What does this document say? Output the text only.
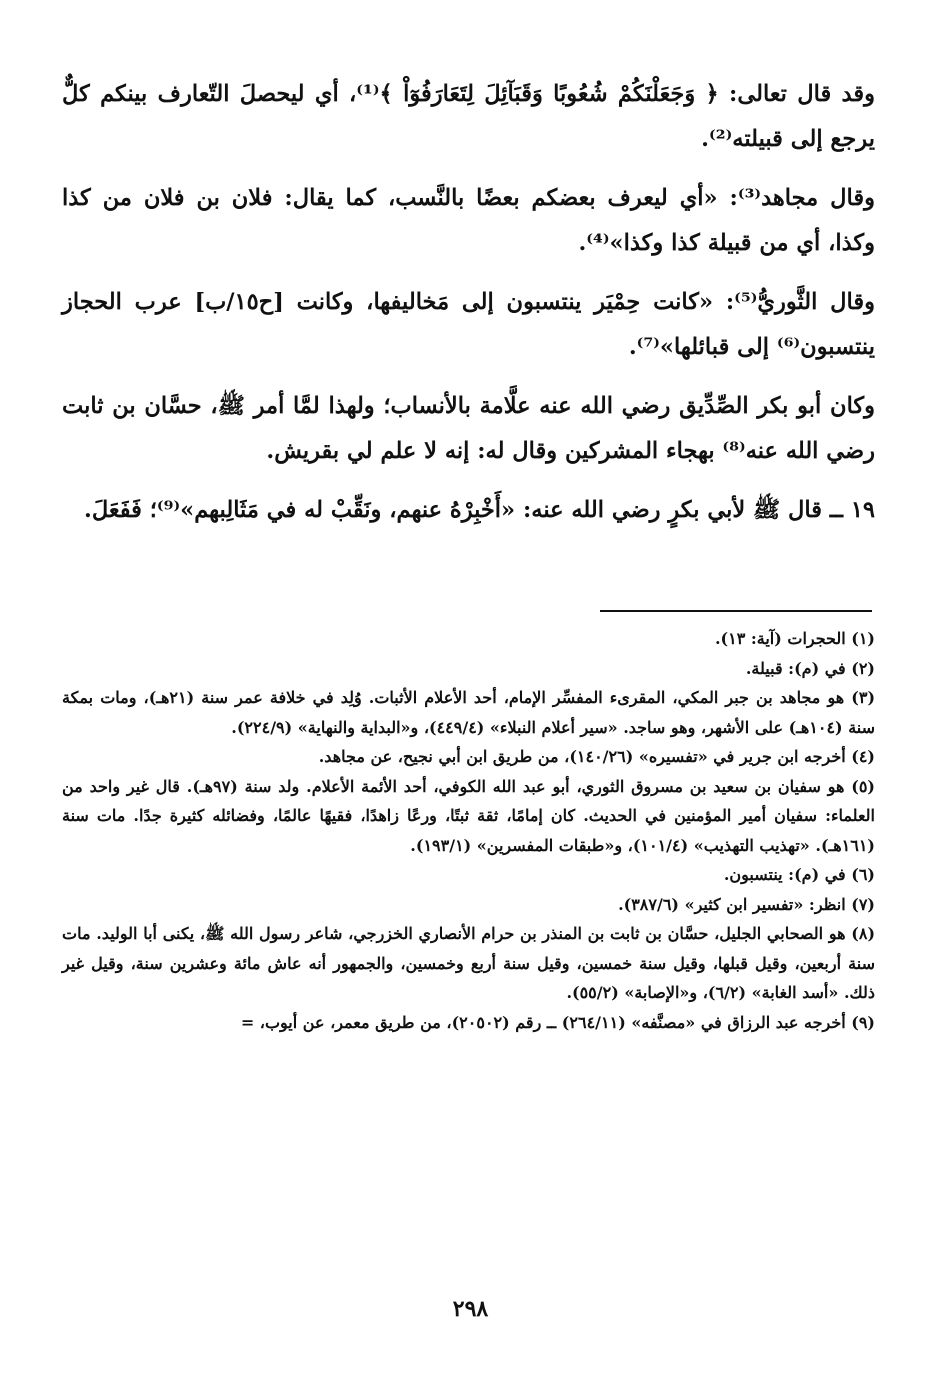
وقد قال تعالى: ﴿ وَجَعَلْنَكُمْ شُعُوبًا وَقَبَآئِلَ لِتَعَارَفُوٓاْ ﴾⁽¹⁾، أي ليحصلَ التّعارف بينكم كلٌّ يرجع إلى قبيلته⁽²⁾.

وقال مجاهد⁽³⁾: «أي ليعرف بعضكم بعضًا بالنَّسب، كما يقال: فلان بن فلان من كذا وكذا، أي من قبيلة كذا وكذا»⁽⁴⁾.

وقال الثَّوريُّ⁽⁵⁾: «كانت حِمْيَر ينتسبون إلى مَخاليفها، وكانت [ح١٥/ب] عرب الحجاز ينتسبون⁽⁶⁾ إلى قبائلها»⁽⁷⁾.

وكان أبو بكر الصِّدِّيق رضي الله عنه علَّامة بالأنساب؛ ولهذا لمَّا أمر ﷺ، حسَّان بن ثابت رضي الله عنه⁽⁸⁾ بهجاء المشركين وقال له: إنه لا علم لي بقريش.

١٩ ــ قال ﷺ لأبي بكرٍ رضي الله عنه: «أَخْبِرْهُ عنهم، ونَقِّبْ له في مَثَالِبهم»⁽⁹⁾؛ فَفَعَلَ.

(١) الحجرات (آية: ١٣).

(٢) في (م): قبيلة.

(٣) هو مجاهد بن جبر المكي، المقرىء المفسِّر الإمام، أحد الأعلام الأثبات. وُلِد في خلافة عمر سنة (٢١هـ)، ومات بمكة سنة (١٠٤هـ) على الأشهر، وهو ساجد. «سير أعلام النبلاء» (٤٤٩/٤)، و«البداية والنهاية» (٢٢٤/٩).

(٤) أخرجه ابن جرير في «تفسيره» (١٤٠/٢٦)، من طريق ابن أبي نجيح، عن مجاهد.

(٥) هو سفيان بن سعيد بن مسروق الثوري، أبو عبد الله الكوفي، أحد الأئمة الأعلام. ولد سنة (٩٧هـ). قال غير واحد من العلماء: سفيان أمير المؤمنين في الحديث. كان إمامًا، ثقة ثبتًا، ورعًا زاهدًا، فقيهًا عالمًا، وفضائله كثيرة جدًا. مات سنة (١٦١هـ). «تهذيب التهذيب» (١٠١/٤)، و«طبقات المفسرين» (١٩٣/١).

(٦) في (م): ينتسبون.

(٧) انظر: «تفسير ابن كثير» (٣٨٧/٦).

(٨) هو الصحابي الجليل، حسَّان بن ثابت بن المنذر بن حرام الأنصاري الخزرجي، شاعر رسول الله ﷺ، يكنى أبا الوليد. مات سنة أربعين، وقيل قبلها، وقيل سنة خمسين، وقيل سنة أربع وخمسين، والجمهور أنه عاش مائة وعشرين سنة، وقيل غير ذلك. «أسد الغابة» (٦/٢)، و«الإصابة» (٥٥/٢).

(٩) أخرجه عبد الرزاق في «مصنَّفه» (٢٦٤/١١) ــ رقم (٢٠٥٠٢)، من طريق معمر، عن أيوب، =

٢٩٨
